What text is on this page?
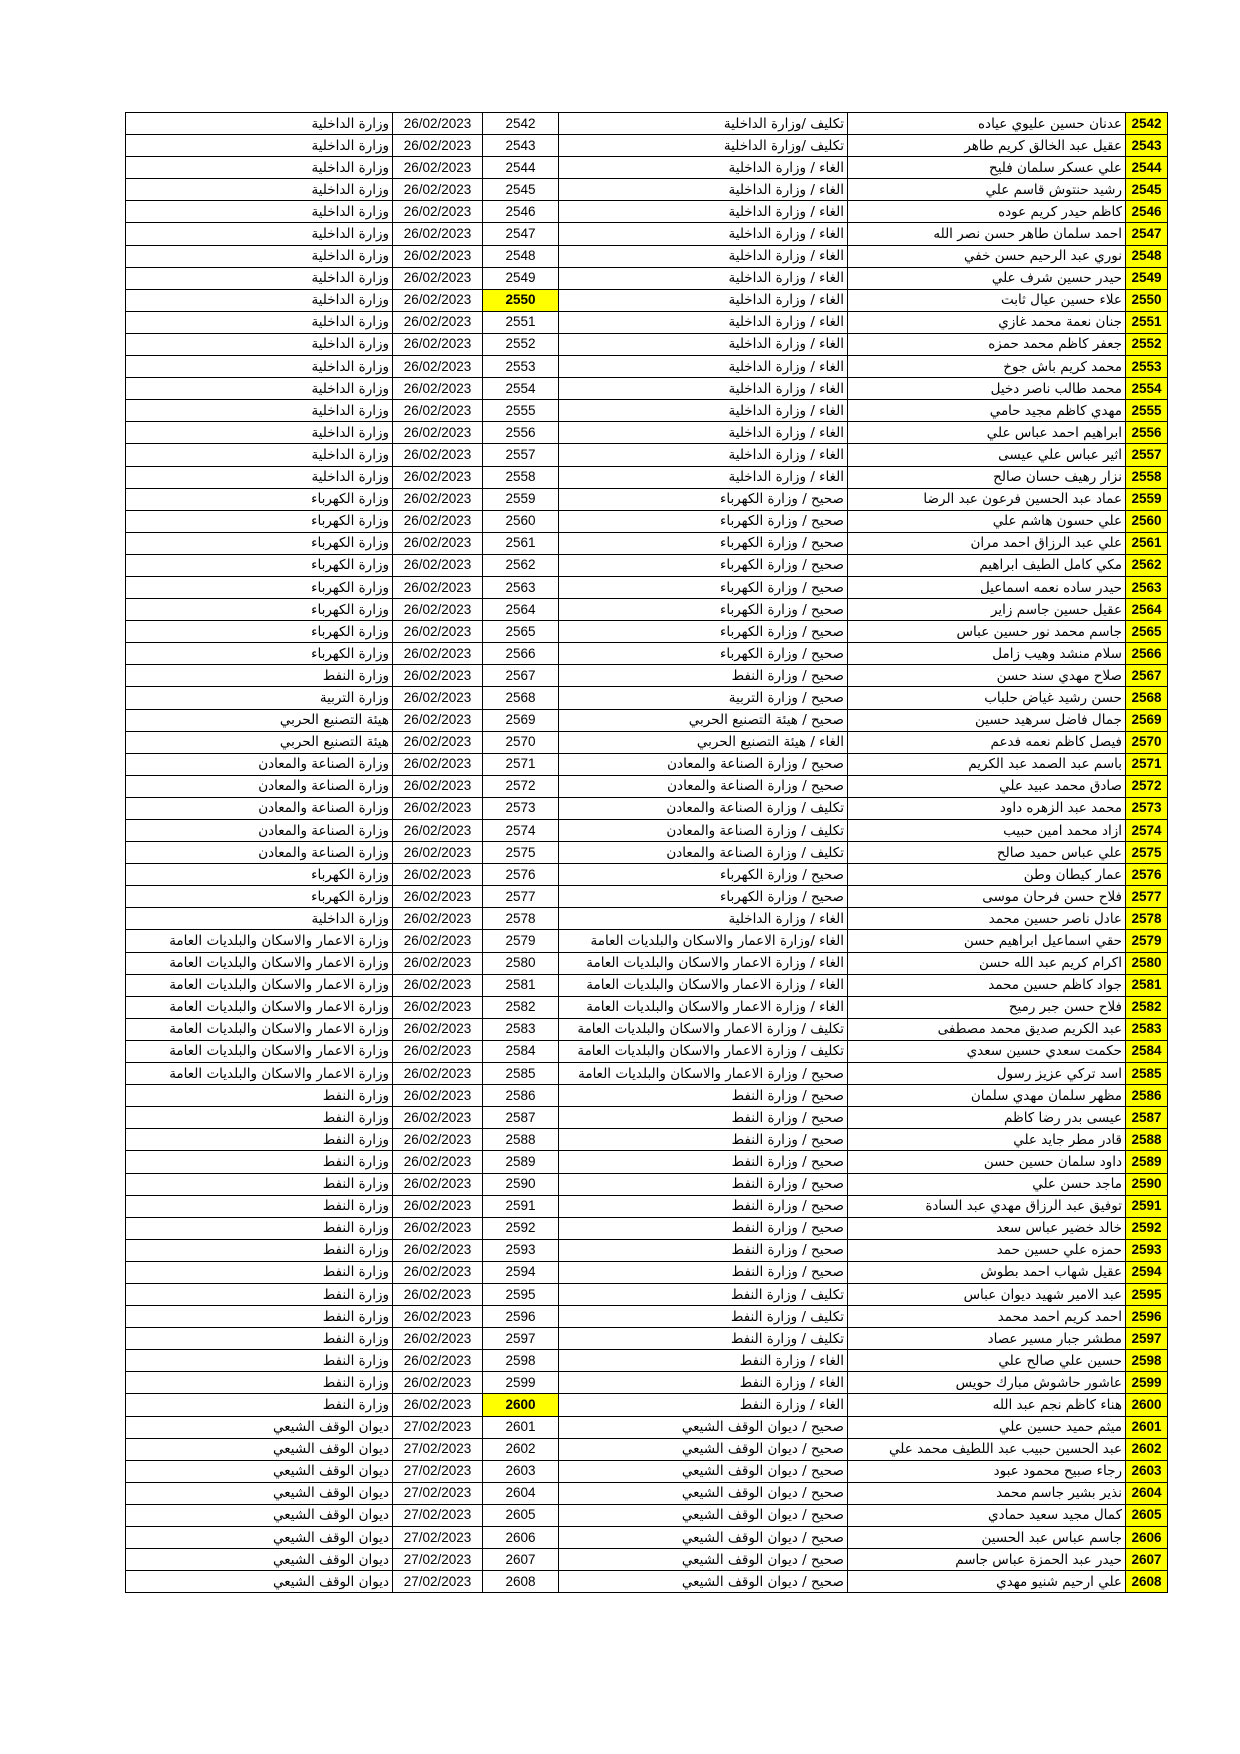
2542	عدنان حسين عليوي عياده	تكليف /وزارة الداخلية	2542	26/02/2023	وزارة الداخلية
2543	عقيل عبد الخالق كريم طاهر	تكليف /وزارة الداخلية	2543	26/02/2023	وزارة الداخلية
2544	علي عسكر سلمان فليح	الغاء / وزارة الداخلية	2544	26/02/2023	وزارة الداخلية
2545	رشيد حنتوش قاسم علي	الغاء / وزارة الداخلية	2545	26/02/2023	وزارة الداخلية
2546	كاظم حيدر كريم عوده	الغاء / وزارة الداخلية	2546	26/02/2023	وزارة الداخلية
2547	احمد سلمان طاهر حسن نصر الله	الغاء / وزارة الداخلية	2547	26/02/2023	وزارة الداخلية
2548	نوري عبد الرحيم حسن خفي	الغاء / وزارة الداخلية	2548	26/02/2023	وزارة الداخلية
2549	حيدر حسين شرف علي	الغاء / وزارة الداخلية	2549	26/02/2023	وزارة الداخلية
2550	علاء حسين عيال ثابت	الغاء / وزارة الداخلية	2550	26/02/2023	وزارة الداخلية
2551	جنان نعمة محمد غازي	الغاء / وزارة الداخلية	2551	26/02/2023	وزارة الداخلية
2552	جعفر كاظم محمد حمزه	الغاء / وزارة الداخلية	2552	26/02/2023	وزارة الداخلية
2553	محمد كريم باش جوخ	الغاء / وزارة الداخلية	2553	26/02/2023	وزارة الداخلية
2554	محمد طالب ناصر دخيل	الغاء / وزارة الداخلية	2554	26/02/2023	وزارة الداخلية
2555	مهدي كاظم مجيد حامي	الغاء / وزارة الداخلية	2555	26/02/2023	وزارة الداخلية
2556	ابراهيم احمد عباس علي	الغاء / وزارة الداخلية	2556	26/02/2023	وزارة الداخلية
2557	اثير عباس علي عيسى	الغاء / وزارة الداخلية	2557	26/02/2023	وزارة الداخلية
2558	نزار رهيف حسان صالح	الغاء / وزارة الداخلية	2558	26/02/2023	وزارة الداخلية
2559	عماد عبد الحسين فرعون عبد الرضا	صحيح / وزارة الكهرباء	2559	26/02/2023	وزارة الكهرباء
2560	علي حسون هاشم علي	صحيح / وزارة الكهرباء	2560	26/02/2023	وزارة الكهرباء
2561	علي عبد الرزاق احمد مران	صحيح / وزارة الكهرباء	2561	26/02/2023	وزارة الكهرباء
2562	مكي كامل الطيف ابراهيم	صحيح / وزارة الكهرباء	2562	26/02/2023	وزارة الكهرباء
2563	حيدر ساده نعمه اسماعيل	صحيح / وزارة الكهرباء	2563	26/02/2023	وزارة الكهرباء
2564	عقيل حسين جاسم زاير	صحيح / وزارة الكهرباء	2564	26/02/2023	وزارة الكهرباء
2565	جاسم محمد نور حسين عباس	صحيح / وزارة الكهرباء	2565	26/02/2023	وزارة الكهرباء
2566	سلام منشد وهيب زامل	صحيح / وزارة الكهرباء	2566	26/02/2023	وزارة الكهرباء
2567	صلاح مهدي سند حسن	صحيح / وزارة النفط	2567	26/02/2023	وزارة النفط
2568	حسن رشيد غياض حلباب	صحيح / وزارة التربية	2568	26/02/2023	وزارة التربية
2569	جمال فاضل سرهيد حسين	صحيح / هيئة التصنيع الحربي	2569	26/02/2023	هيئة التصنيع الحربي
2570	فيصل كاظم نعمه فدعم	الغاء / هيئة التصنيع الحربي	2570	26/02/2023	هيئة التصنيع الحربي
2571	باسم عبد الصمد عبد الكريم	صحيح / وزارة الصناعة والمعادن	2571	26/02/2023	وزارة الصناعة والمعادن
2572	صادق محمد عبيد علي	صحيح / وزارة الصناعة والمعادن	2572	26/02/2023	وزارة الصناعة والمعادن
2573	محمد عبد الزهره داود	تكليف / وزارة الصناعة والمعادن	2573	26/02/2023	وزارة الصناعة والمعادن
2574	ازاد محمد امين حبيب	تكليف / وزارة الصناعة والمعادن	2574	26/02/2023	وزارة الصناعة والمعادن
2575	علي عباس حميد صالح	تكليف / وزارة الصناعة والمعادن	2575	26/02/2023	وزارة الصناعة والمعادن
2576	عمار كيطان وطن	صحيح / وزارة الكهرباء	2576	26/02/2023	وزارة الكهرباء
2577	فلاح حسن فرحان موسى	صحيح / وزارة الكهرباء	2577	26/02/2023	وزارة الكهرباء
2578	عادل ناصر حسين محمد	الغاء / وزارة الداخلية	2578	26/02/2023	وزارة الداخلية
2579	حقي اسماعيل ابراهيم حسن	الغاء /وزارة الاعمار والاسكان والبلديات العامة	2579	26/02/2023	وزارة الاعمار والاسكان والبلديات العامة
2580	اكرام كريم عبد الله حسن	الغاء / وزارة الاعمار والاسكان والبلديات العامة	2580	26/02/2023	وزارة الاعمار والاسكان والبلديات العامة
2581	جواد كاظم حسين محمد	الغاء / وزارة الاعمار والاسكان والبلديات العامة	2581	26/02/2023	وزارة الاعمار والاسكان والبلديات العامة
2582	فلاح حسن جبر رميح	الغاء / وزارة الاعمار والاسكان والبلديات العامة	2582	26/02/2023	وزارة الاعمار والاسكان والبلديات العامة
2583	عبد الكريم صديق محمد مصطفى	تكليف / وزارة الاعمار والاسكان والبلديات العامة	2583	26/02/2023	وزارة الاعمار والاسكان والبلديات العامة
2584	حكمت سعدي حسين سعدي	تكليف / وزارة الاعمار والاسكان والبلديات العامة	2584	26/02/2023	وزارة الاعمار والاسكان والبلديات العامة
2585	اسد تركي عزيز رسول	صحيح / وزارة الاعمار والاسكان والبلديات العامة	2585	26/02/2023	وزارة الاعمار والاسكان والبلديات العامة
2586	مظهر سلمان مهدي سلمان	صحيح / وزارة النفط	2586	26/02/2023	وزارة النفط
2587	عيسى بدر رضا كاظم	صحيح / وزارة النفط	2587	26/02/2023	وزارة النفط
2588	قادر مطر جايد علي	صحيح / وزارة النفط	2588	26/02/2023	وزارة النفط
2589	داود سلمان حسين حسن	صحيح / وزارة النفط	2589	26/02/2023	وزارة النفط
2590	ماجد حسن علي	صحيح / وزارة النفط	2590	26/02/2023	وزارة النفط
2591	توفيق عبد الرزاق مهدي عبد السادة	صحيح / وزارة النفط	2591	26/02/2023	وزارة النفط
2592	خالد خضير عباس سعد	صحيح / وزارة النفط	2592	26/02/2023	وزارة النفط
2593	حمزه علي حسين حمد	صحيح / وزارة النفط	2593	26/02/2023	وزارة النفط
2594	عقيل شهاب احمد بطوش	صحيح / وزارة النفط	2594	26/02/2023	وزارة النفط
2595	عبد الامير شهيد ديوان عباس	تكليف / وزارة النفط	2595	26/02/2023	وزارة النفط
2596	احمد كريم احمد محمد	تكليف / وزارة النفط	2596	26/02/2023	وزارة النفط
2597	مطشر جبار مسير عصاد	تكليف / وزارة النفط	2597	26/02/2023	وزارة النفط
2598	حسين علي صالح علي	الغاء / وزارة النفط	2598	26/02/2023	وزارة النفط
2599	عاشور حاشوش مبارك حويس	الغاء / وزارة النفط	2599	26/02/2023	وزارة النفط
2600	هناء كاظم نجم عبد الله	الغاء / وزارة النفط	2600	26/02/2023	وزارة النفط
2601	ميثم حميد حسين علي	صحيح / ديوان الوقف الشيعي	2601	27/02/2023	ديوان الوقف الشيعي
2602	عبد الحسين حبيب عبد اللطيف محمد علي	صحيح / ديوان الوقف الشيعي	2602	27/02/2023	ديوان الوقف الشيعي
2603	رجاء صبيح محمود عبود	صحيح / ديوان الوقف الشيعي	2603	27/02/2023	ديوان الوقف الشيعي
2604	نذير بشير جاسم محمد	صحيح / ديوان الوقف الشيعي	2604	27/02/2023	ديوان الوقف الشيعي
2605	كمال مجيد سعيد حمادي	صحيح / ديوان الوقف الشيعي	2605	27/02/2023	ديوان الوقف الشيعي
2606	جاسم عباس عبد الحسين	صحيح / ديوان الوقف الشيعي	2606	27/02/2023	ديوان الوقف الشيعي
2607	حيدر عبد الحمزة عباس جاسم	صحيح / ديوان الوقف الشيعي	2607	27/02/2023	ديوان الوقف الشيعي
2608	علي ارحيم شنيو مهدي	صحيح / ديوان الوقف الشيعي	2608	27/02/2023	ديوان الوقف الشيعي
